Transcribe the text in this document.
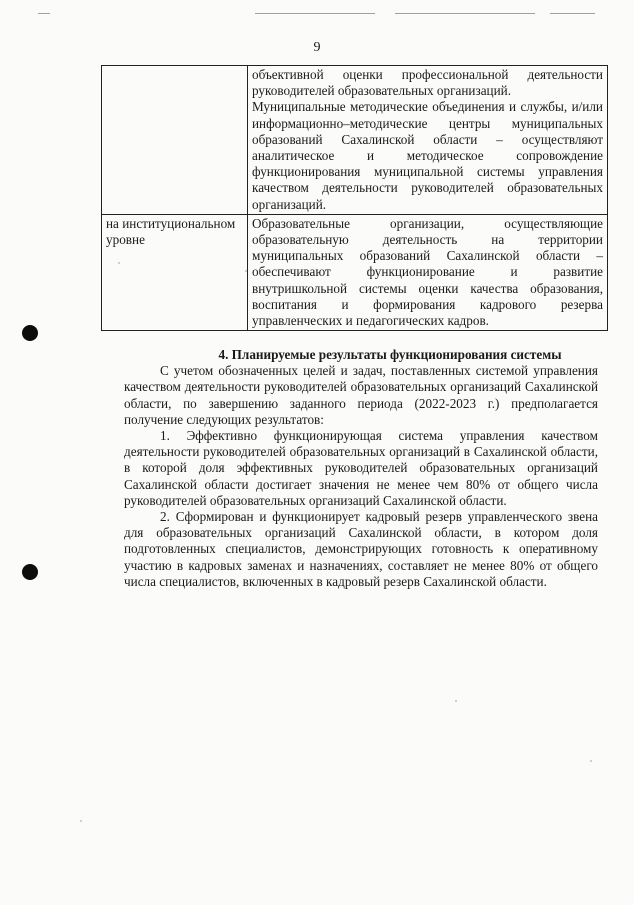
9

	объективной оценки профессиональной деятельности руководителей образовательных организаций.

Муниципальные методические объединения и службы, и/или информационно–методические центры муниципальных образований Сахалинской области – осуществляют аналитическое и методическое сопровождение функционирования муниципальной системы управления качеством деятельности руководителей образовательных организаций.

на институциональном уровне	Образовательные организации, осуществляющие образовательную деятельность на территории муниципальных образований Сахалинской области – обеспечивают функционирование и развитие внутришкольной системы оценки качества образования, воспитания и формирования кадрового резерва управленческих и педагогических кадров.

4. Планируемые результаты функционирования системы

С учетом обозначенных целей и задач, поставленных системой управления качеством деятельности руководителей образовательных организаций Сахалинской области, по завершению заданного периода (2022-2023 г.) предполагается получение следующих результатов:

1. Эффективно функционирующая система управления качеством деятельности руководителей образовательных организаций в Сахалинской области, в которой доля эффективных руководителей образовательных организаций Сахалинской области достигает значения не менее чем 80% от общего числа руководителей образовательных организаций Сахалинской области.

2. Сформирован и функционирует кадровый резерв управленческого звена для образовательных организаций Сахалинской области, в котором доля подготовленных специалистов, демонстрирующих готовность к оперативному участию в кадровых заменах и назначениях, составляет не менее 80% от общего числа специалистов, включенных в кадровый резерв Сахалинской области.
